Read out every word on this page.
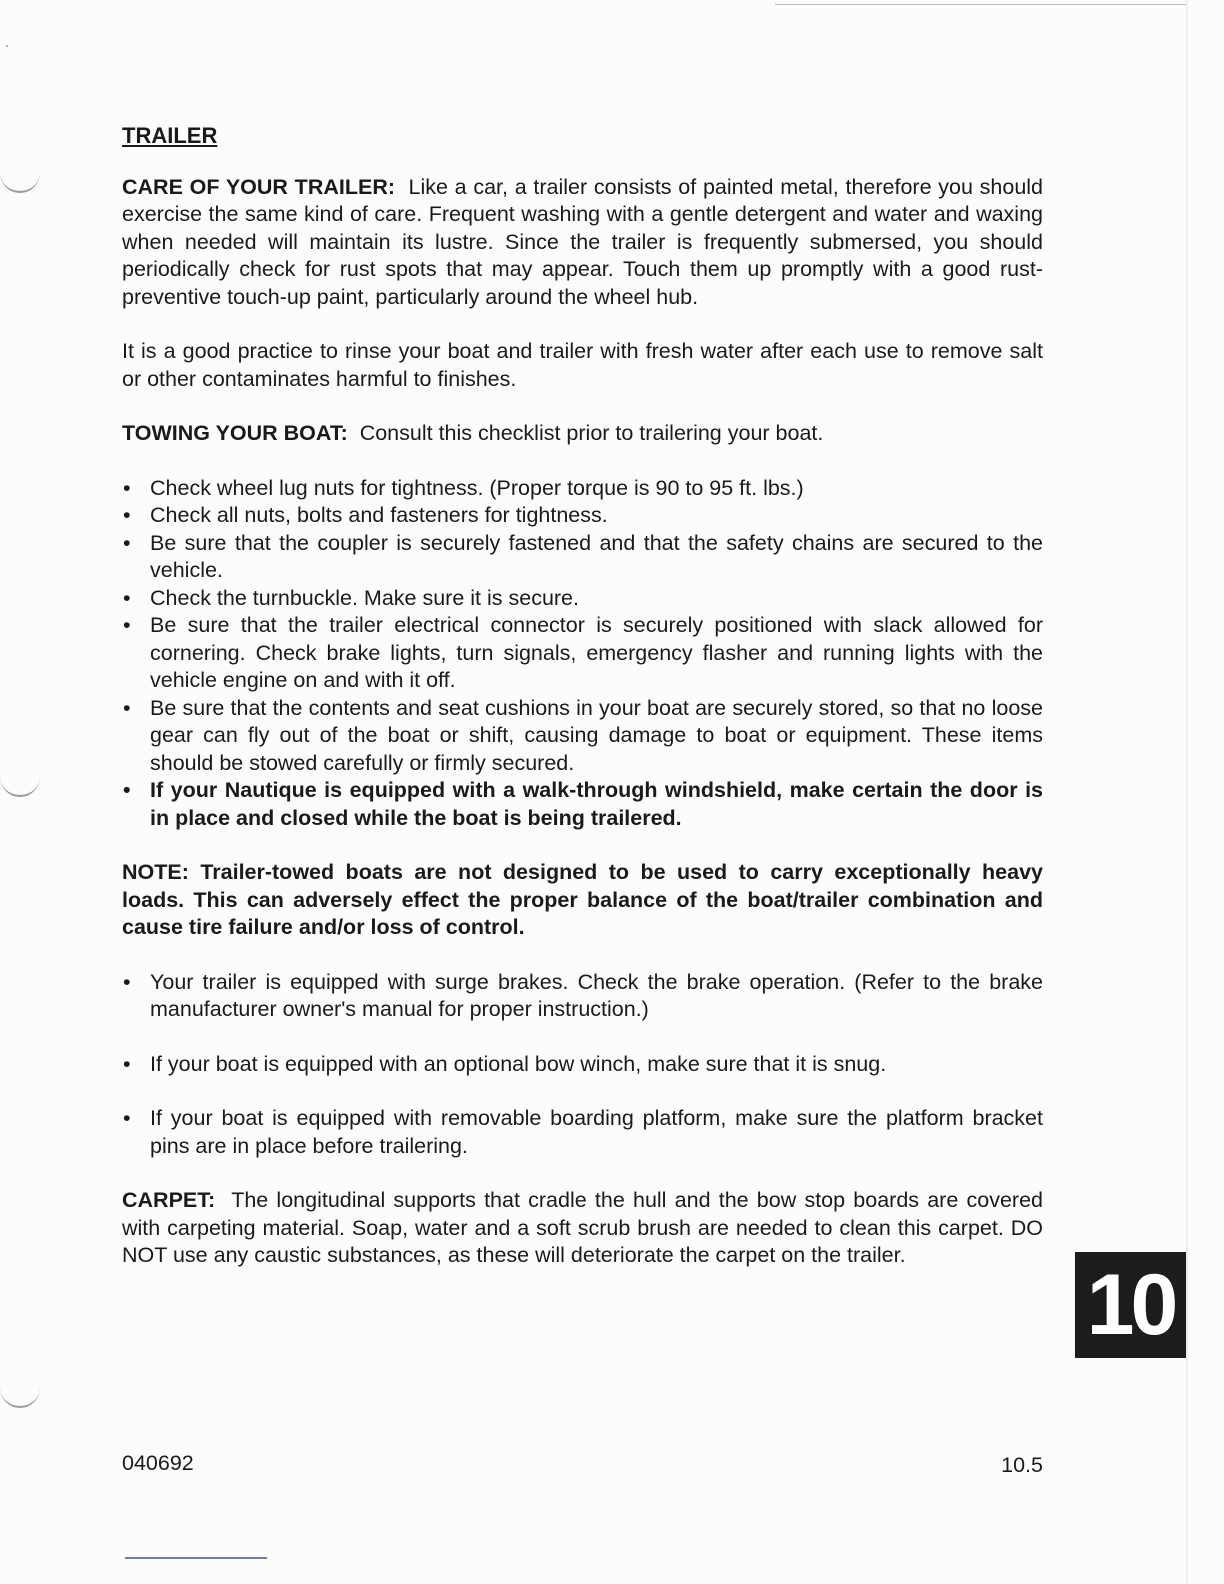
'
TRAILER

CARE OF YOUR TRAILER: Like a car, a trailer consists of painted metal, therefore you should exercise the same kind of care. Frequent washing with a gentle detergent and water and waxing when needed will maintain its lustre. Since the trailer is frequently submersed, you should periodically check for rust spots that may appear. Touch them up promptly with a good rust-preventive touch-up paint, particularly around the wheel hub.

It is a good practice to rinse your boat and trailer with fresh water after each use to remove salt or other contaminates harmful to finishes.

TOWING YOUR BOAT: Consult this checklist prior to trailering your boat.

• Check wheel lug nuts for tightness. (Proper torque is 90 to 95 ft. lbs.)
• Check all nuts, bolts and fasteners for tightness.
• Be sure that the coupler is securely fastened and that the safety chains are secured to the vehicle.
• Check the turnbuckle. Make sure it is secure.
• Be sure that the trailer electrical connector is securely positioned with slack allowed for cornering. Check brake lights, turn signals, emergency flasher and running lights with the vehicle engine on and with it off.
• Be sure that the contents and seat cushions in your boat are securely stored, so that no loose gear can fly out of the boat or shift, causing damage to boat or equipment. These items should be stowed carefully or firmly secured.
• If your Nautique is equipped with a walk-through windshield, make certain the door is in place and closed while the boat is being trailered.

NOTE: Trailer-towed boats are not designed to be used to carry exceptionally heavy loads. This can adversely effect the proper balance of the boat/trailer combination and cause tire failure and/or loss of control.

• Your trailer is equipped with surge brakes. Check the brake operation. (Refer to the brake manufacturer owner's manual for proper instruction.)
• If your boat is equipped with an optional bow winch, make sure that it is snug.
• If your boat is equipped with removable boarding platform, make sure the platform bracket pins are in place before trailering.

CARPET: The longitudinal supports that cradle the hull and the bow stop boards are covered with carpeting material. Soap, water and a soft scrub brush are needed to clean this carpet. DO NOT use any caustic substances, as these will deteriorate the carpet on the trailer.

10
040692	10.5
